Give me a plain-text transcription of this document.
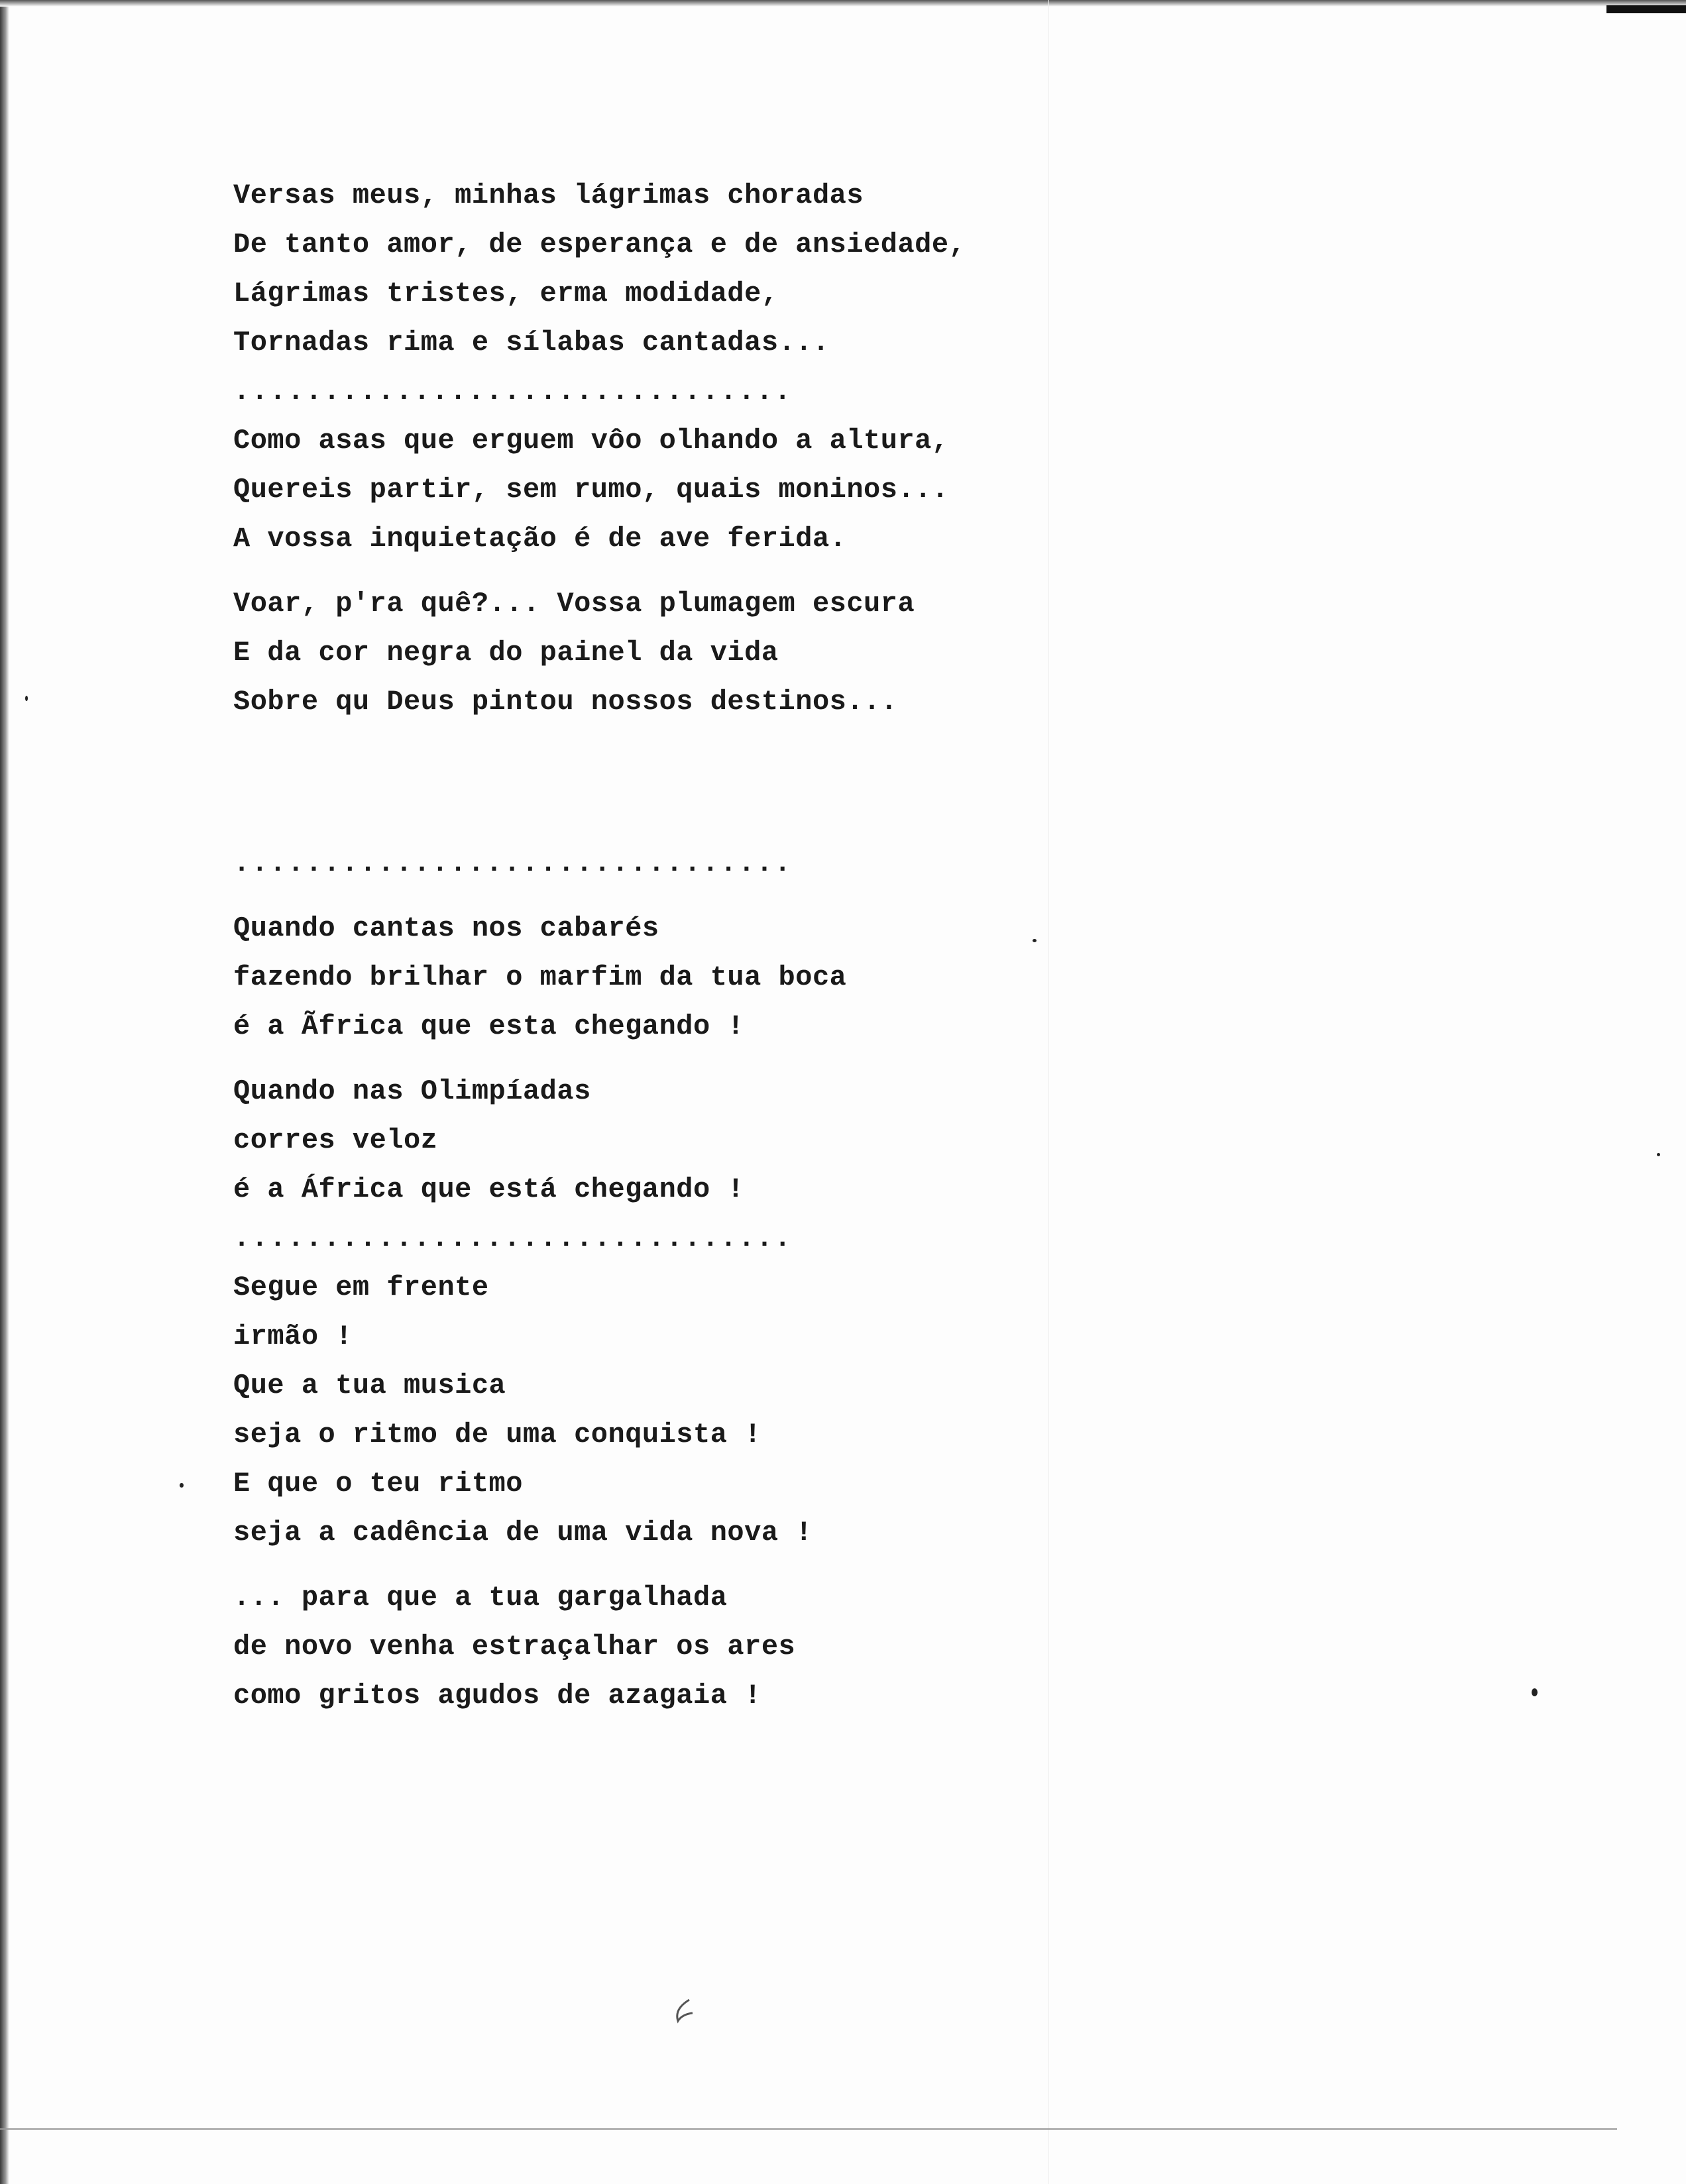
Versas meus, minhas lágrimas choradas
De tanto amor, de esperança e de ansiedade,
Lágrimas tristes, erma modidade,
Tornadas rima e sílabas cantadas...
...............................
Como asas que erguem vôo olhando a altura,
Quereis partir, sem rumo, quais moninos...
A vossa inquietação é de ave ferida.
Voar, p'ra quê?... Vossa plumagem escura
E da cor negra do painel da vida
Sobre qu Deus pintou nossos destinos...
...............................
Quando cantas nos cabarés
fazendo brilhar o marfim da tua boca
é a Ãfrica que esta chegando !
Quando nas Olimpíadas
corres veloz
é a África que está chegando !
...............................
Segue em frente
irmão !
Que a tua musica
seja o ritmo de uma conquista !
E que o teu ritmo
seja a cadência de uma vida nova !
... para que a tua gargalhada
de novo venha estraçalhar os ares
como gritos agudos de azagaia !
